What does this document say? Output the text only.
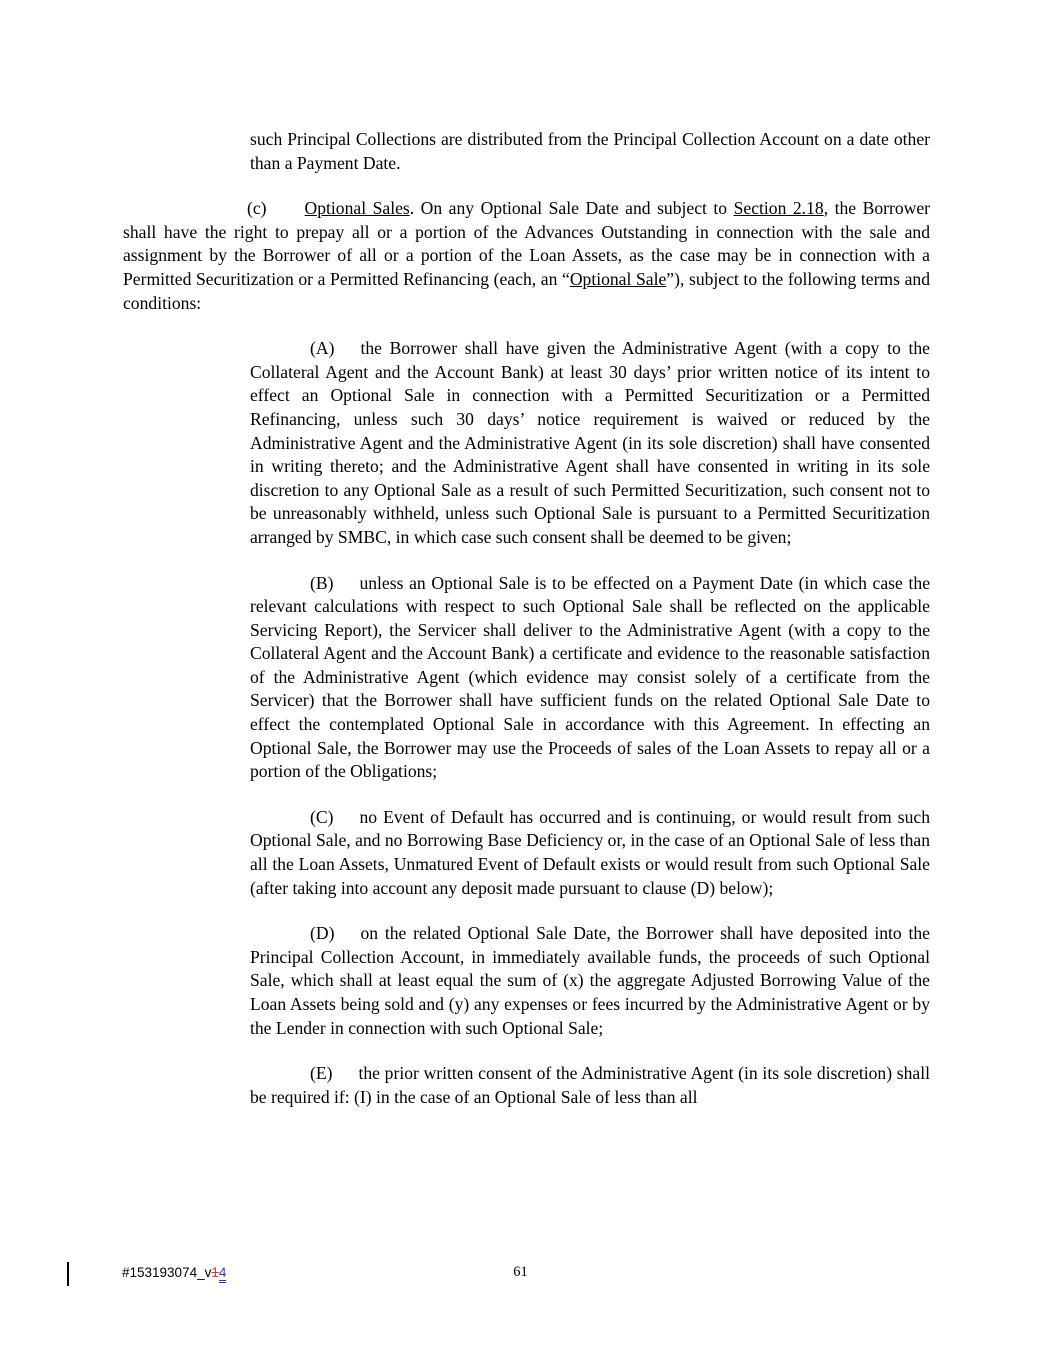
such Principal Collections are distributed from the Principal Collection Account on a date other than a Payment Date.

(c) Optional Sales. On any Optional Sale Date and subject to Section 2.18, the Borrower shall have the right to prepay all or a portion of the Advances Outstanding in connection with the sale and assignment by the Borrower of all or a portion of the Loan Assets, as the case may be in connection with a Permitted Securitization or a Permitted Refinancing (each, an “Optional Sale”), subject to the following terms and conditions:

(A) the Borrower shall have given the Administrative Agent (with a copy to the Collateral Agent and the Account Bank) at least 30 days’ prior written notice of its intent to effect an Optional Sale in connection with a Permitted Securitization or a Permitted Refinancing, unless such 30 days’ notice requirement is waived or reduced by the Administrative Agent and the Administrative Agent (in its sole discretion) shall have consented in writing thereto; and the Administrative Agent shall have consented in writing in its sole discretion to any Optional Sale as a result of such Permitted Securitization, such consent not to be unreasonably withheld, unless such Optional Sale is pursuant to a Permitted Securitization arranged by SMBC, in which case such consent shall be deemed to be given;

(B) unless an Optional Sale is to be effected on a Payment Date (in which case the relevant calculations with respect to such Optional Sale shall be reflected on the applicable Servicing Report), the Servicer shall deliver to the Administrative Agent (with a copy to the Collateral Agent and the Account Bank) a certificate and evidence to the reasonable satisfaction of the Administrative Agent (which evidence may consist solely of a certificate from the Servicer) that the Borrower shall have sufficient funds on the related Optional Sale Date to effect the contemplated Optional Sale in accordance with this Agreement. In effecting an Optional Sale, the Borrower may use the Proceeds of sales of the Loan Assets to repay all or a portion of the Obligations;

(C) no Event of Default has occurred and is continuing, or would result from such Optional Sale, and no Borrowing Base Deficiency or, in the case of an Optional Sale of less than all the Loan Assets, Unmatured Event of Default exists or would result from such Optional Sale (after taking into account any deposit made pursuant to clause (D) below);

(D) on the related Optional Sale Date, the Borrower shall have deposited into the Principal Collection Account, in immediately available funds, the proceeds of such Optional Sale, which shall at least equal the sum of (x) the aggregate Adjusted Borrowing Value of the Loan Assets being sold and (y) any expenses or fees incurred by the Administrative Agent or by the Lender in connection with such Optional Sale;

(E) the prior written consent of the Administrative Agent (in its sole discretion) shall be required if: (I) in the case of an Optional Sale of less than all

#153193074_v14	61
